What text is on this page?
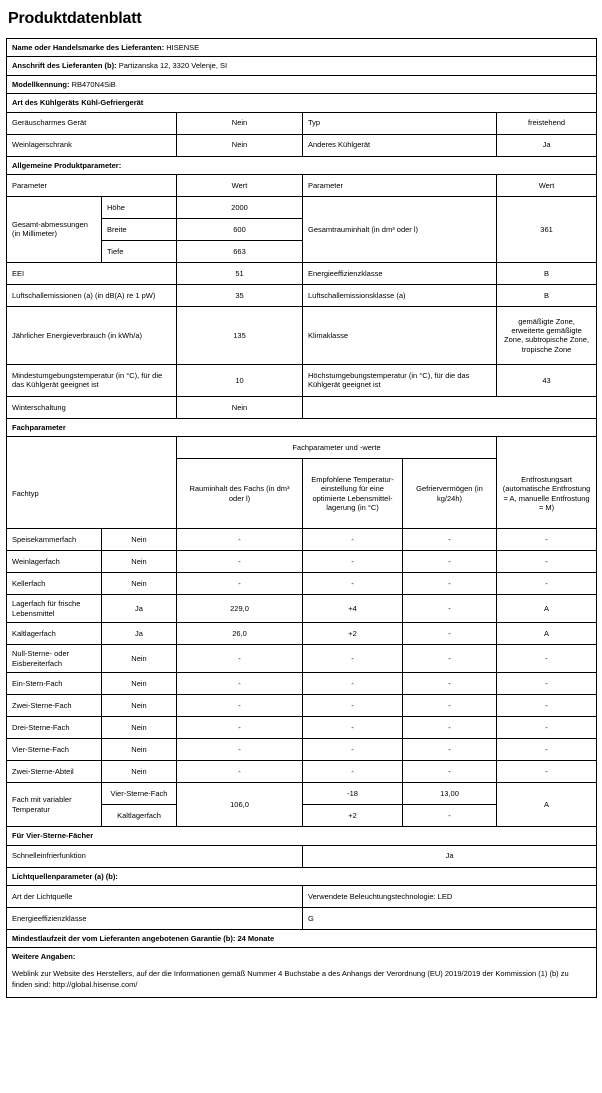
Produktdatenblatt
Name oder Handelsmarke des Lieferanten: HISENSE					
Anschrift des Lieferanten (b): Partizanska 12, 3320 Velenje, SI					
Modellkennung: RB470N4SiB					
Art des Kühlgeräts Kühl-Gefriergerät					
Geräuscharmes Gerät		Nein	Typ		freistehend
Weinlagerschrank		Nein	Anderes Kühlgerät		Ja
Allgemeine Produktparameter:					
Parameter		Wert	Parameter		Wert
Gesamt-abmessungen (in Millimeter)	Höhe	2000	Gesamtrauminhalt (in dm³ oder l)		361
	Breite	600			
	Tiefe	663			
EEI		51	Energieeffizienzklasse		B
Luftschallemissionen (a) (in dB(A) re 1 pW)		35	Luftschallemissionsklasse (a)		B
Jährlicher Energieverbrauch (in kWh/a)		135	Klimaklasse		gemäßigte Zone, erweiterte gemäßigte Zone, subtropische Zone, tropische Zone
Mindestumgebungstemperatur (in °C), für die das Kühlgerät geeignet ist		10	Höchstumgebungstemperatur (in °C), für die das Kühlgerät geeignet ist		43
Winterschaltung		Nein			
Fachparameter					
		Fachparameter und -werte			
Fachtyp		Rauminhalt des Fachs (in dm³ oder l)	Empfohlene Temperatur-einstellung für eine optimierte Lebensmittel-lagerung (in °C)	Gefriervermögen (in kg/24h)	Entfrostungsart (automatische Entfrostung = A, manuelle Entfrostung = M)
Speisekammerfach	Nein	-	-	-	-
Weinlagerfach	Nein	-	-	-	-
Kellerfach	Nein	-	-	-	-
Lagerfach für frische Lebensmittel	Ja	229,0	+4	-	A
Kaltlagerfach	Ja	26,0	+2	-	A
Null-Sterne- oder Eisbereiterfach	Nein	-	-	-	-
Ein-Stern-Fach	Nein	-	-	-	-
Zwei-Sterne-Fach	Nein	-	-	-	-
Drei-Sterne-Fach	Nein	-	-	-	-
Vier-Sterne-Fach	Nein	-	-	-	-
Zwei-Sterne-Abteil	Nein	-	-	-	-
Fach mit variabler Temperatur	Vier-Sterne-Fach	106,0	-18	13,00	A
	Kaltlagerfach		+2	-	
Für Vier-Sterne-Fächer					
Schnelleinfrierfunktion			Ja		
Lichtquellenparameter (a) (b):					
Art der Lichtquelle			Verwendete Beleuchtungstechnologie: LED		
Energieeffizienzklasse			G		
Mindestlaufzeit der vom Lieferanten angebotenen Garantie (b): 24 Monate					
Weitere Angaben:					
Weblink zur Website des Herstellers, auf der die Informationen gemäß Nummer 4 Buchstabe a des Anhangs der Verordnung (EU) 2019/2019 der Kommission (1) (b) zu finden sind: http://global.hisense.com/					
